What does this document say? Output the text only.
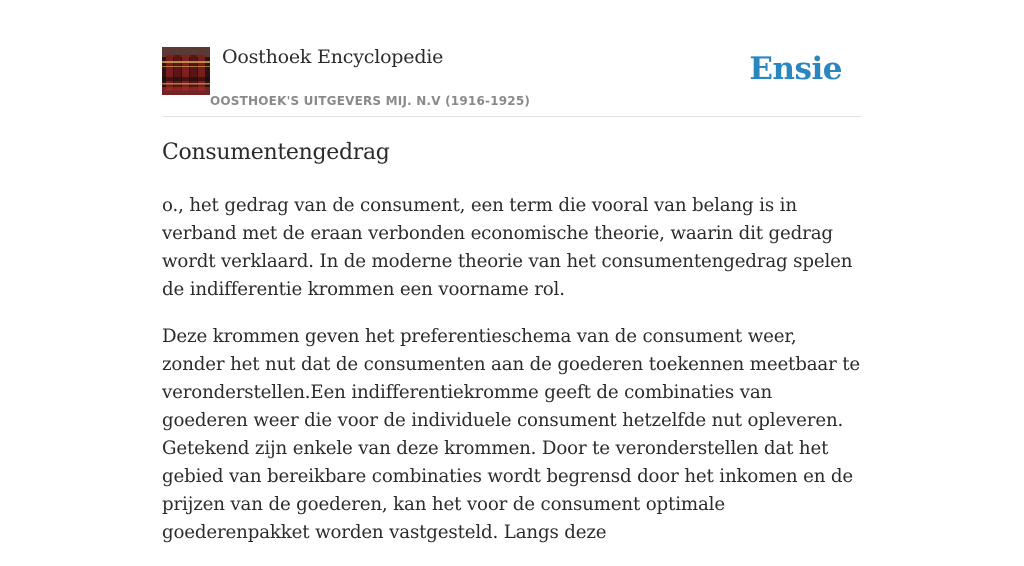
Oosthoek Encyclopedie
OOSTHOEK'S UITGEVERS MIJ. N.V (1916-1925)
Ensie
Consumentengedrag

o., het gedrag van de consument, een term die vooral van belang is in verband met de eraan verbonden economische theorie, waarin dit gedrag wordt verklaard. In de moderne theorie van het consumentengedrag spelen de indifferentie krommen een voorname rol.

Deze krommen geven het preferentieschema van de consument weer, zonder het nut dat de consumenten aan de goederen toekennen meetbaar te veronderstellen.Een indifferentiekromme geeft de combinaties van goederen weer die voor de individuele consument hetzelfde nut opleveren. Getekend zijn enkele van deze krommen. Door te veronderstellen dat het gebied van bereikbare combinaties wordt begrensd door het inkomen en de prijzen van de goederen, kan het voor de consument optimale goederenpakket worden vastgesteld. Langs deze
